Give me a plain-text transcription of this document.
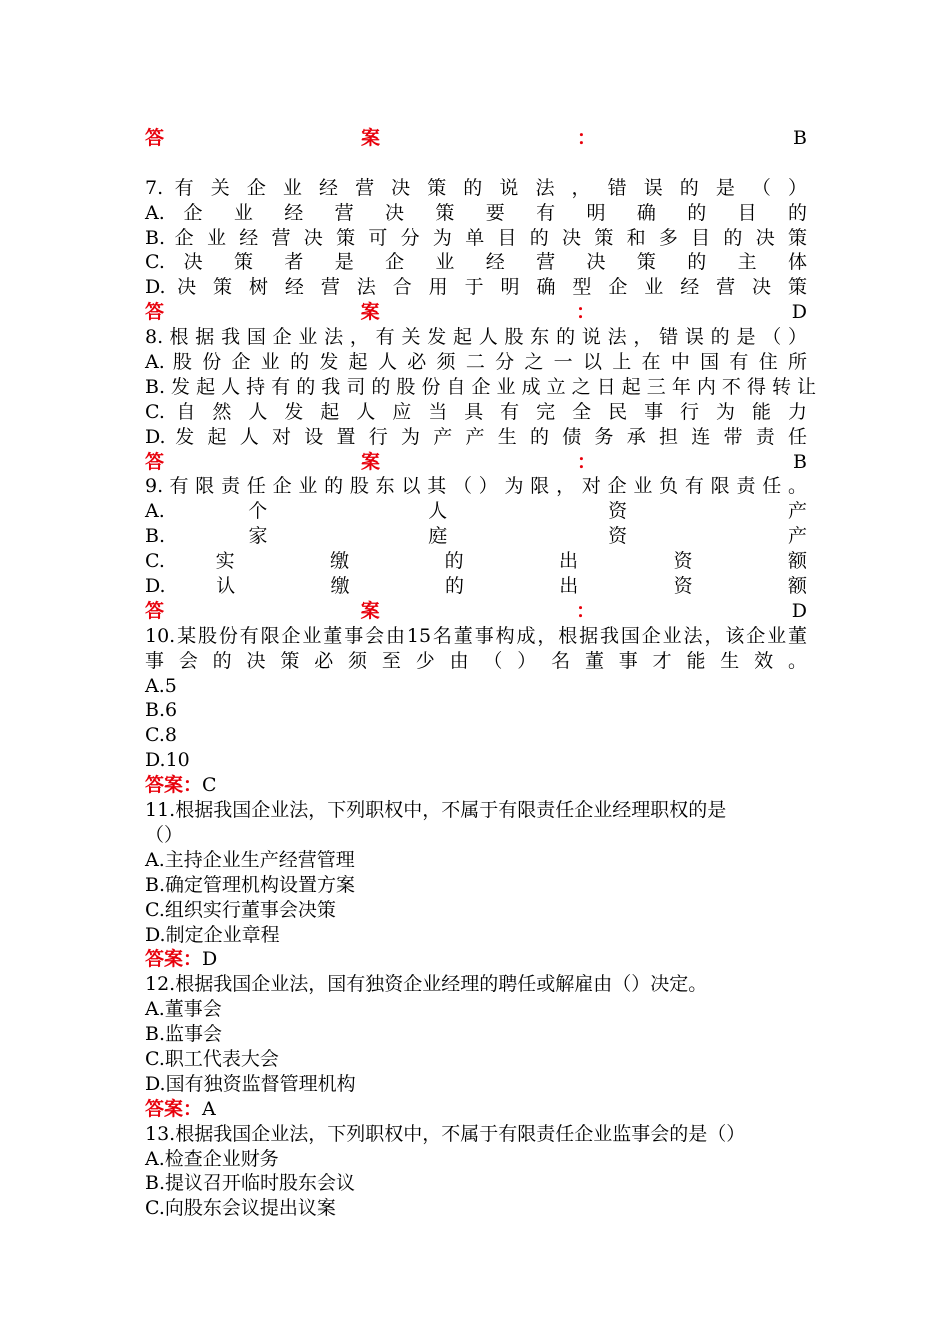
答	案	：	B
7. 有 关 企 业 经 营 决 策 的 说 法 ， 错 误 的 是 （ ）
A. 企 业 经 营 决 策 要 有 明 确 的 目 的
B. 企 业 经 营 决 策 可 分 为 单 目 的 决 策 和 多 目 的 决 策
C. 决 策 者 是 企 业 经 营 决 策 的 主 体
D. 决 策 树 经 营 法 合 用 于 明 确 型 企 业 经 营 决 策
答	案	：	D
8. 根 据 我 国 企 业 法 ， 有 关 发 起 人 股 东 的 说 法 ， 错 误 的 是 （ ）
A. 股 份 企 业 的 发 起 人 必 须 二 分 之 一 以 上 在 中 国 有 住 所
B. 发 起 人 持 有 的 我 司 的 股 份 自 企 业 成 立 之 日 起 三 年 内 不 得 转 让
C. 自 然 人 发 起 人 应 当 具 有 完 全 民 事 行 为 能 力
D. 发 起 人 对 设 置 行 为 产 产 生 的 债 务 承 担 连 带 责 任
答	案	：	B
9. 有 限 责 任 企 业 的 股 东 以 其 （ ） 为 限 ， 对 企 业 负 有 限 责 任 。
A. 个 人 资 产
B. 家 庭 资 产
C. 实 缴 的 出 资 额
D. 认 缴 的 出 资 额
答	案	：	D
10.某股份有限企业董事会由15名董事构成，根据我国企业法，该企业董
事 会 的 决 策 必 须 至 少 由 （ ） 名 董 事 才 能 生 效 。
A.5
B.6
C.8
D.10
答案：C
11.根据我国企业法，下列职权中，不属于有限责任企业经理职权的是
（）
A.主持企业生产经营管理
B.确定管理机构设置方案
C.组织实行董事会决策
D.制定企业章程
答案：D
12.根据我国企业法，国有独资企业经理的聘任或解雇由（）决定。
A.董事会
B.监事会
C.职工代表大会
D.国有独资监督管理机构
答案：A
13.根据我国企业法，下列职权中，不属于有限责任企业监事会的是（）
A.检查企业财务
B.提议召开临时股东会议
C.向股东会议提出议案
